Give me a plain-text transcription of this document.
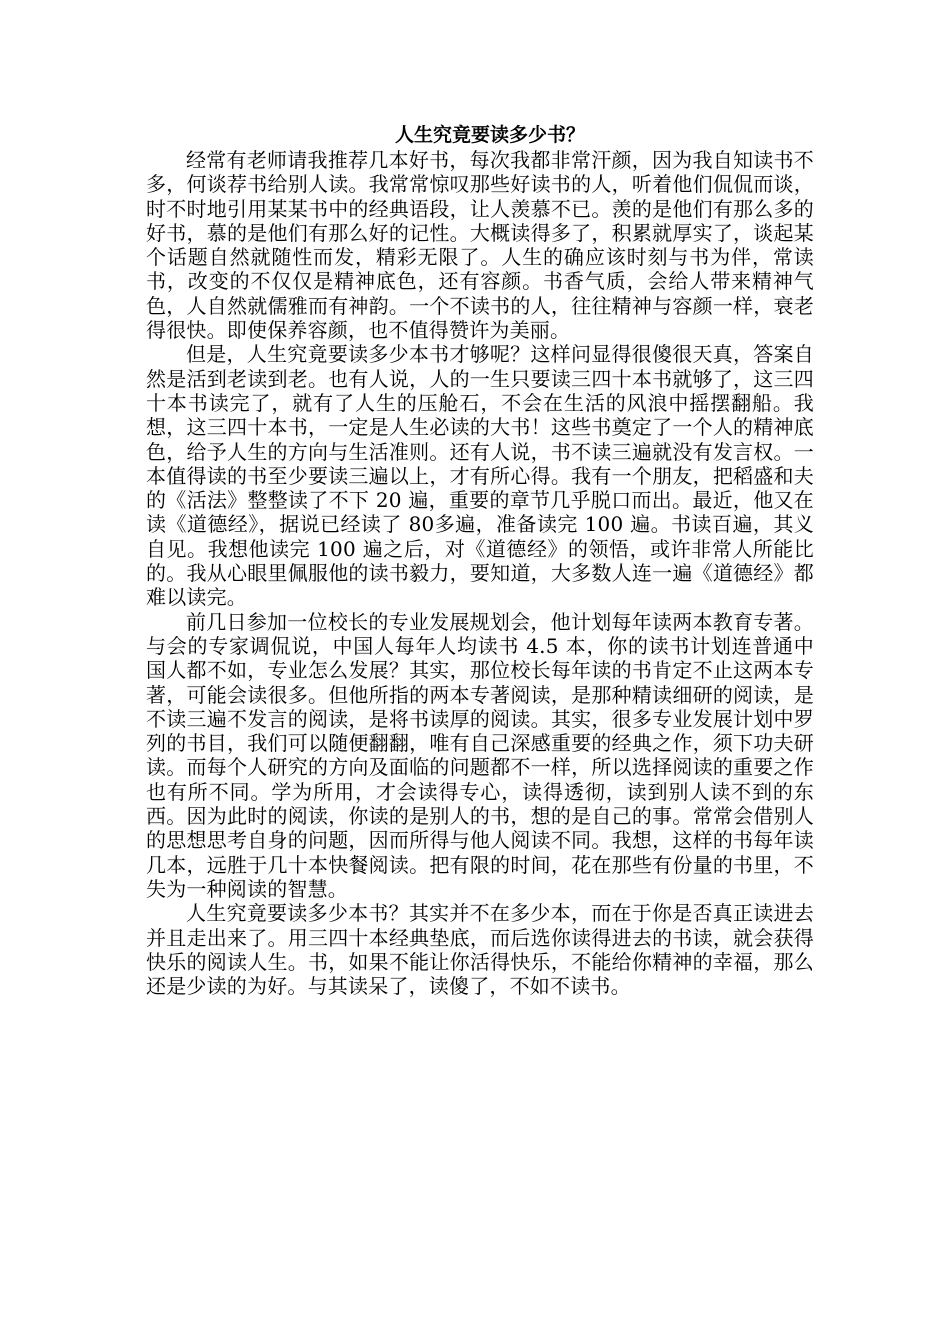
人生究竟要读多少书？

经常有老师请我推荐几本好书，每次我都非常汗颜，因为我自知读书不多，何谈荐书给别人读。我常常惊叹那些好读书的人，听着他们侃侃而谈，时不时地引用某某书中的经典语段，让人羡慕不已。羡的是他们有那么多的好书，慕的是他们有那么好的记性。大概读得多了，积累就厚实了，谈起某个话题自然就随性而发，精彩无限了。人生的确应该时刻与书为伴，常读书，改变的不仅仅是精神底色，还有容颜。书香气质，会给人带来精神气色，人自然就儒雅而有神韵。一个不读书的人，往往精神与容颜一样，衰老得很快。即使保养容颜，也不值得赞许为美丽。

但是，人生究竟要读多少本书才够呢？这样问显得很傻很天真，答案自然是活到老读到老。也有人说，人的一生只要读三四十本书就够了，这三四十本书读完了，就有了人生的压舱石，不会在生活的风浪中摇摆翻船。我想，这三四十本书，一定是人生必读的大书！这些书奠定了一个人的精神底色，给予人生的方向与生活准则。还有人说，书不读三遍就没有发言权。一本值得读的书至少要读三遍以上，才有所心得。我有一个朋友，把稻盛和夫的《活法》整整读了不下 20 遍，重要的章节几乎脱口而出。最近，他又在读《道德经》，据说已经读了 80多遍，准备读完 100 遍。书读百遍，其义自见。我想他读完 100 遍之后，对《道德经》的领悟，或许非常人所能比的。我从心眼里佩服他的读书毅力，要知道，大多数人连一遍《道德经》都难以读完。

前几日参加一位校长的专业发展规划会，他计划每年读两本教育专著。与会的专家调侃说，中国人每年人均读书 4.5 本，你的读书计划连普通中国人都不如，专业怎么发展？其实，那位校长每年读的书肯定不止这两本专著，可能会读很多。但他所指的两本专著阅读，是那种精读细研的阅读，是不读三遍不发言的阅读，是将书读厚的阅读。其实，很多专业发展计划中罗列的书目，我们可以随便翻翻，唯有自己深感重要的经典之作，须下功夫研读。而每个人研究的方向及面临的问题都不一样，所以选择阅读的重要之作也有所不同。学为所用，才会读得专心，读得透彻，读到别人读不到的东西。因为此时的阅读，你读的是别人的书，想的是自己的事。常常会借别人的思想思考自身的问题，因而所得与他人阅读不同。我想，这样的书每年读几本，远胜于几十本快餐阅读。把有限的时间，花在那些有份量的书里，不失为一种阅读的智慧。

人生究竟要读多少本书？其实并不在多少本，而在于你是否真正读进去并且走出来了。用三四十本经典垫底，而后选你读得进去的书读，就会获得快乐的阅读人生。书，如果不能让你活得快乐，不能给你精神的幸福，那么还是少读的为好。与其读呆了，读傻了，不如不读书。
